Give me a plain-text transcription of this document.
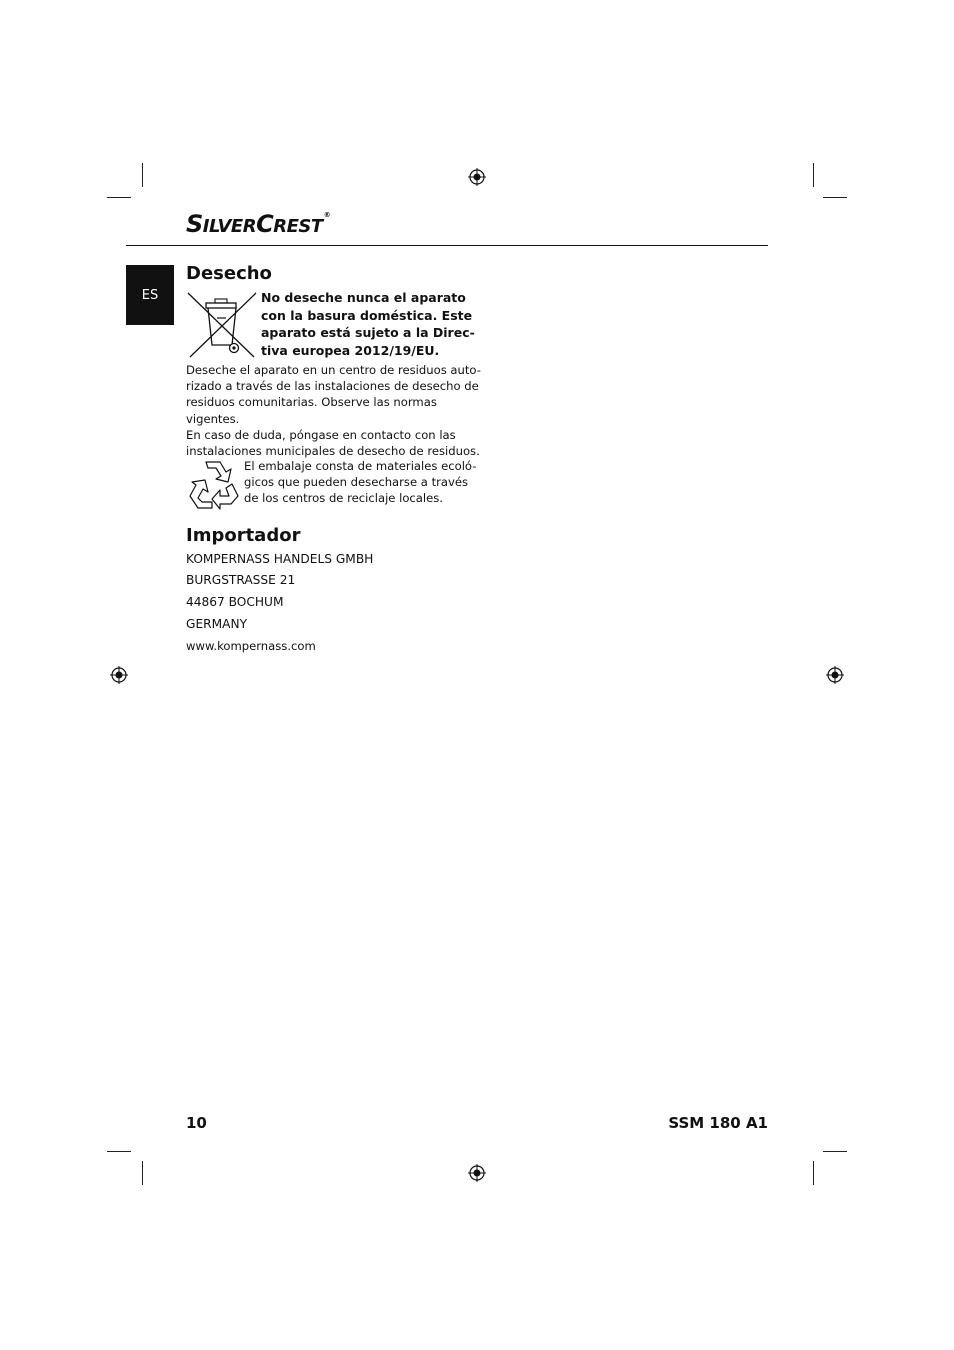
SILVERCREST®
ES
Desecho
No deseche nunca el aparato
con la basura doméstica. Este
aparato está sujeto a la Direc-
tiva europea 2012/19/EU.
Deseche el aparato en un centro de residuos auto-
rizado a través de las instalaciones de desecho de
residuos comunitarias. Observe las normas vigentes.
En caso de duda, póngase en contacto con las
instalaciones municipales de desecho de residuos.
El embalaje consta de materiales ecoló-
gicos que pueden desecharse a través
de los centros de reciclaje locales.
Importador
KOMPERNASS HANDELS GMBH
BURGSTRASSE 21
44867 BOCHUM
GERMANY
www.kompernass.com
10	SSM 180 A1
